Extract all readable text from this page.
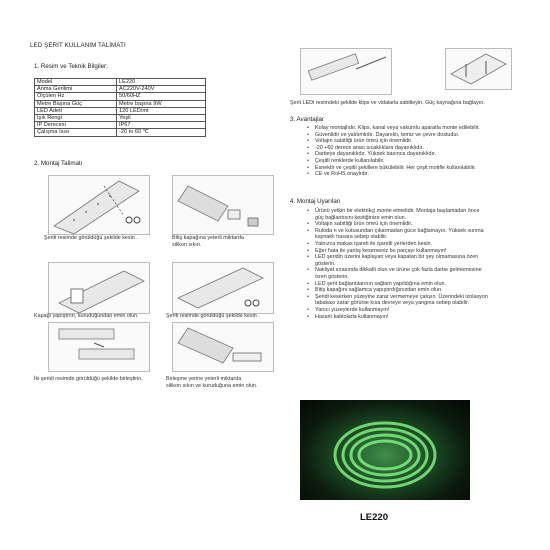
LED ŞERİT KULLANIM TALİMATI
1. Resim ve Teknik Bilgiler:
Model	LE220
Anma Gerilimi	AC220V-240V
Ölçülen Hz	50/60HZ
Metre Başına Güç	Metre başına 9W
LED Adeti	120 LED/mt
Işık Rengi	Yeşil
IP Derecesi	IP67
Çalışma Isısı	-20 to 60 ℃
2. Montaj Talimatı
Şeriti resimde görüldüğü şekilde kesin .	Bitiş kapağına yeterli miktarda
silikon sıkın.
Kapağı yapıştırın, kuruduğundan emin olun.	Şeriti resimde görüldüğü şekilde kesin .
İki şeridi resimde görüldüğü şekilde birleştirin.	Birleşme yerine yeterli miktarda
silikon sıkın ve kuruduğuna emin olun.
Şerit LEDi resimdeki şekilde klips ve vidalarla sabitleyin. Güç kaynağına bağlayın.
3. Avantajlar
• Kolay montajlıdır. Klips, kanal veya vakumlu aparatla monte edilebilir.
• Güvenlidir ve yalıtımlıdır. Dayanıklı, temiz ve çevre dostudur.
• Voltajın sabitliği ürün ömrü için önemlidir.
• -20 +60 derece arası sıcaklıklara dayanıklıdır.
• Darbeye dayanıklıdır. Yüksek basınca dayanıklıdır.
• Çeşitli renklerde kullanılabilir.
• Esnektir ve çeşitli şekillere bükülebilir. Her çeşit motifle kullanılabilir.
• CE ve RoHS onaylıdır.
4. Montaj Uyarıları
• Ürünü yetkin bir elektrikçi monte etmelidir. Montaja başlamadan önce
güç bağlantısını kestiğinize emin olun.
• Voltajın sabitliği ürün ömrü için önemlidir.
• Ruloda n ve kutusundan çıkarmadan güce bağlamayın. Yüksek ısınma
kaynaklı hasara sebep olabilir.
• Yalnızca makas işareti ile işaretli yerlerden kesin.
• Eğer hata ile yanlış keserseniz bu parçayı kullanmayın!
• LED şeridin üzerini kaplayan veya kapatan bir şey olmamasına özen
gösterin.
• Nakliyat sırasında dikkatli olun ve ürüne çok fazla darbe gelmemesine
özen gösterin.
• LED şerit bağlantılarının sağlam yapıldığına emin olun.
• Bitiş kapağını sağlamca yapıştırdığınızdan emin olun.
• Şeridi keserken yüzeyine zarar vermemeye çalışın. Üzerindeki izolasyon
tabakası zarar görürse kısa devreye veya yangına sebep olabilir.
• Yanıcı yüzeylerde kullanmayın!
• Hasarlı kablolarla kullanmayın!
LE220
